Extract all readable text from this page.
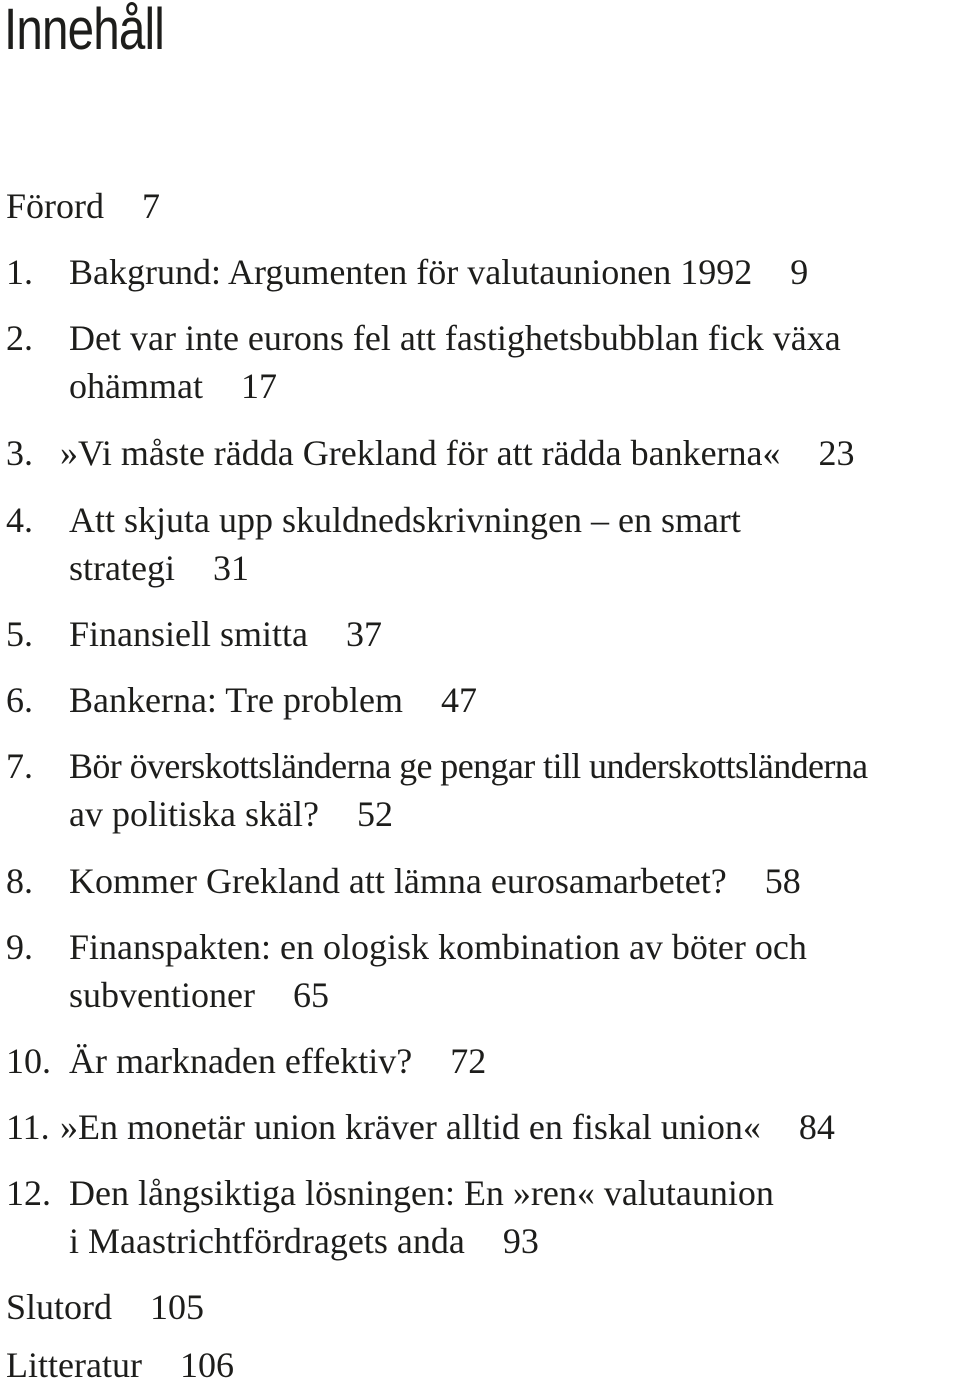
Innehåll
Förord 7
1. Bakgrund: Argumenten för valutaunionen 1992 9
2. Det var inte eurons fel att fastighetsbubblan fick växa
ohämmat 17
3. »Vi måste rädda Grekland för att rädda bankerna« 23
4. Att skjuta upp skuldnedskrivningen – en smart
strategi 31
5. Finansiell smitta 37
6. Bankerna: Tre problem 47
7. Bör överskottsländerna ge pengar till underskottsländerna
av politiska skäl? 52
8. Kommer Grekland att lämna eurosamarbetet? 58
9. Finanspakten: en ologisk kombination av böter och
subventioner 65
10. Är marknaden effektiv? 72
11. »En monetär union kräver alltid en fiskal union« 84
12. Den långsiktiga lösningen: En »ren« valutaunion
i Maastrichtfördragets anda 93
Slutord 105
Litteratur 106
